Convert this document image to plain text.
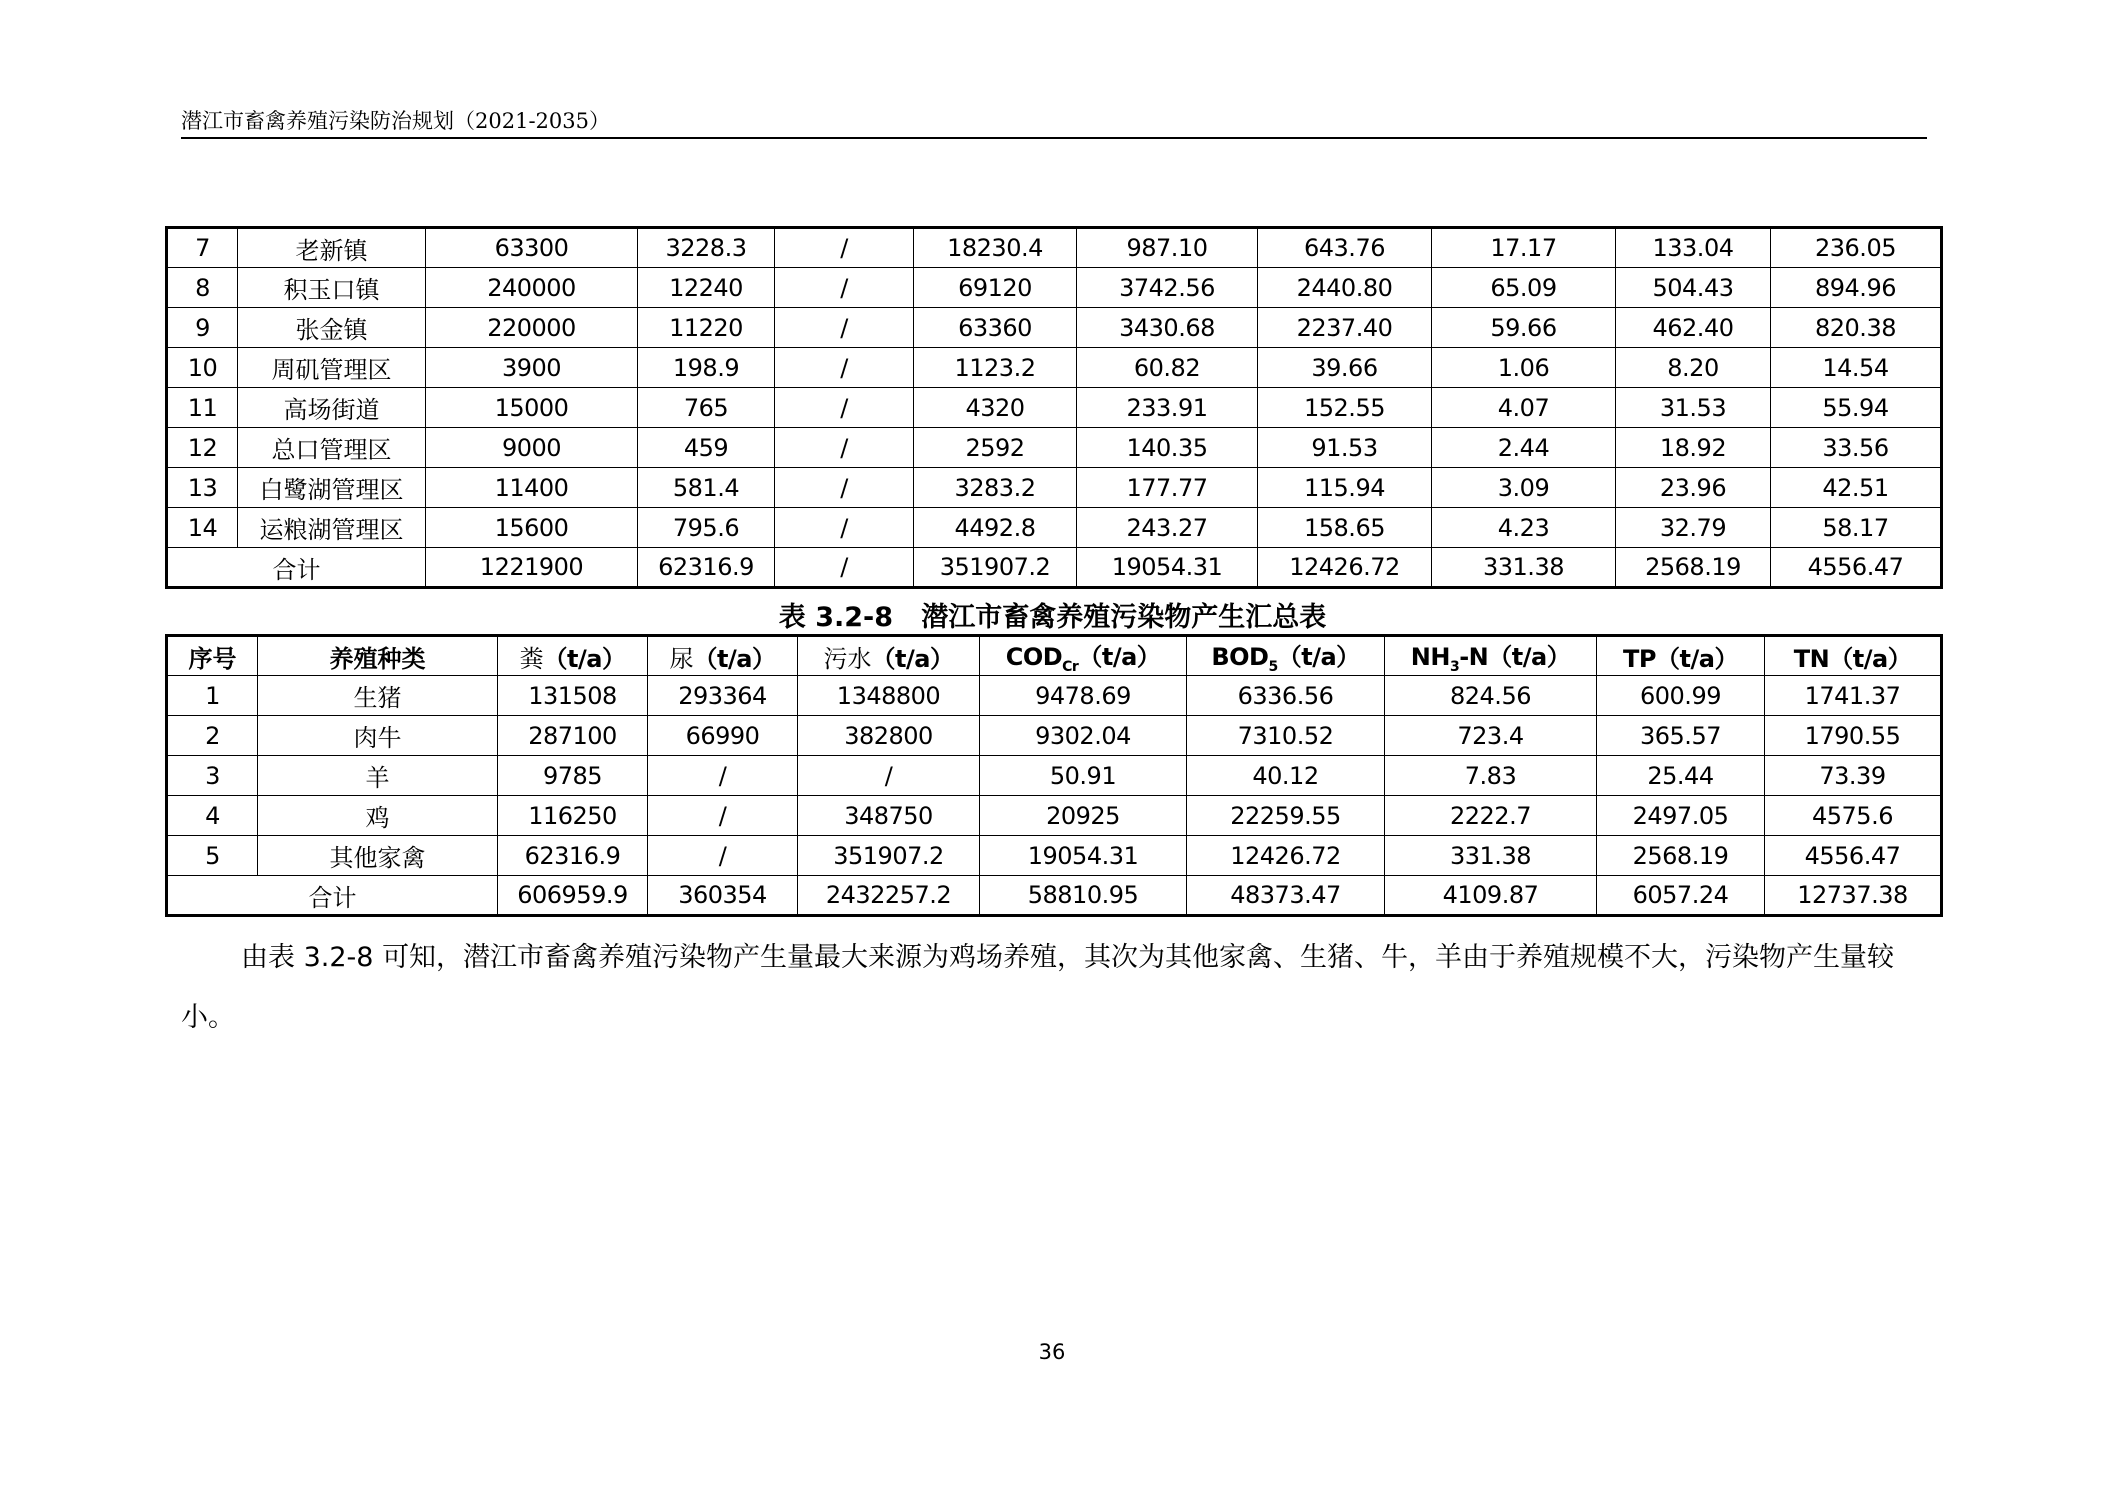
潜江市畜禽养殖污染防治规划（2021-2035）
7	老新镇	63300	3228.3	/	18230.4	987.10	643.76	17.17	133.04	236.05
8	积玉口镇	240000	12240	/	69120	3742.56	2440.80	65.09	504.43	894.96
9	张金镇	220000	11220	/	63360	3430.68	2237.40	59.66	462.40	820.38
10	周矶管理区	3900	198.9	/	1123.2	60.82	39.66	1.06	8.20	14.54
11	高场街道	15000	765	/	4320	233.91	152.55	4.07	31.53	55.94
12	总口管理区	9000	459	/	2592	140.35	91.53	2.44	18.92	33.56
13	白鹭湖管理区	11400	581.4	/	3283.2	177.77	115.94	3.09	23.96	42.51
14	运粮湖管理区	15600	795.6	/	4492.8	243.27	158.65	4.23	32.79	58.17
合计		1221900	62316.9	/	351907.2	19054.31	12426.72	331.38	2568.19	4556.47
表 3.2-8 潜江市畜禽养殖污染物产生汇总表
序号	养殖种类	粪（t/a）	尿（t/a）	污水（t/a）	$COD_{Cr}(t/a)$	$BOD_5(t/a)$	$NH_3-N(t/a)$	TP（t/a）	TN（t/a）
1	生猪	131508	293364	1348800	9478.69	6336.56	824.56	600.99	1741.37
2	肉牛	287100	66990	382800	9302.04	7310.52	723.4	365.57	1790.55
3	羊	9785	/	/	50.91	40.12	7.83	25.44	73.39
4	鸡	116250	/	348750	20925	22259.55	2222.7	2497.05	4575.6
5	其他家禽	62316.9	/	351907.2	19054.31	12426.72	331.38	2568.19	4556.47
合计		606959.9	360354	2432257.2	58810.95	48373.47	4109.87	6057.24	12737.38
由表 3.2-8 可知，潜江市畜禽养殖污染物产生量最大来源为鸡场养殖，其次为其他家禽、生猪、牛，羊由于养殖规模不大，污染物产生量较小。
36
